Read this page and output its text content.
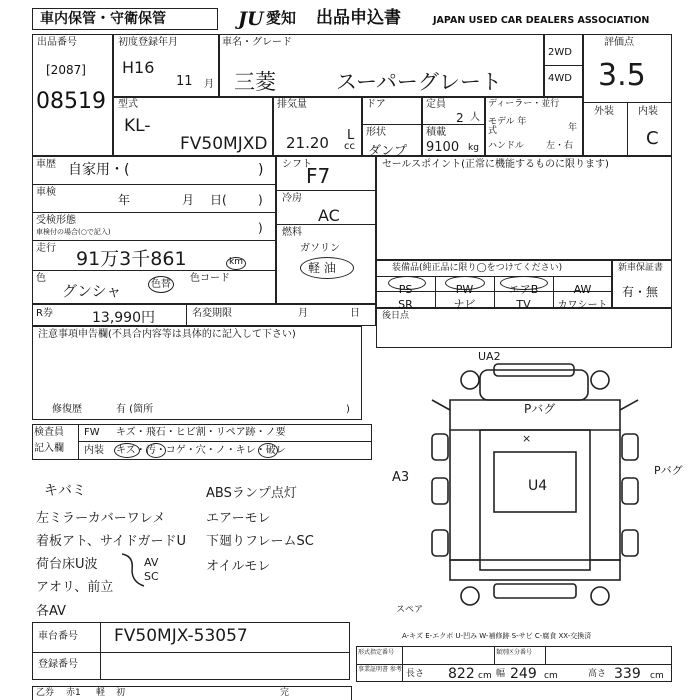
車内保管・守衛保管	JU 愛知 出品申込書	JAPAN USED CAR DEALERS ASSOCIATION
出品番号
[2087]
08519
初度登録年月
H16
11 月
車名・グレード
三菱	スーパーグレート
2WD
4WD
評価点
3.5
外装 内装
C
型式
KL-
FV50MJXD
排気量
21.20 L
cc
ドア	定員
2 人
形状
ダンプ
積載
9100 kg
ディーラー・並行
モデル 年式	年
ハンドル 左・右
車歴 自家用・(	)
車検
年	月 日(	)
受検形態
車検付の場合(○で記入)	)
走行 91万3千861	km
色
グンシャ	色替
色コード
シフト
F7
冷房
AC
燃料
ガソリン
軽 油
セールスポイント(正常に機能するものに限ります)
装備品(純正品に限り◯をつけてください)
PS	PW	エアB	AW
SR	ナビ	TV	カワシート
新車保証書
有・無
R券	13,990円	名変期限	月	日 後日点
注意事項申告欄(不具合内容等は具体的に記入して下さい)
修復歴	有 (箇所	)
検査員
記入欄
FW キズ・飛石・ヒビ割・リペア跡・ノ要
内装 キズ・汚・コゲ・穴・ノ・キレ・破レ
キバミ
左ミラーカバーワレメ
着板アト、サイドガードU
荷台床U波
アオリ、前立
各AV
AV
SC
ABSランプ点灯
エアーモレ
下廻りフレームSC
オイルモレ
UA2
Pバグ
×
A3
U4
Pバグ
スペア
A-キズ E-エクボ U-凹み W-補修跡 S-サビ C-腐食 XX-交換済
車台番号 FV50MJX-53057
登録番号
形式指定番号	類別区分番号
事業証明書 参考 長さ 822 cm 幅 249 cm	高さ 339 cm
乙券 赤1 軽 初	完
